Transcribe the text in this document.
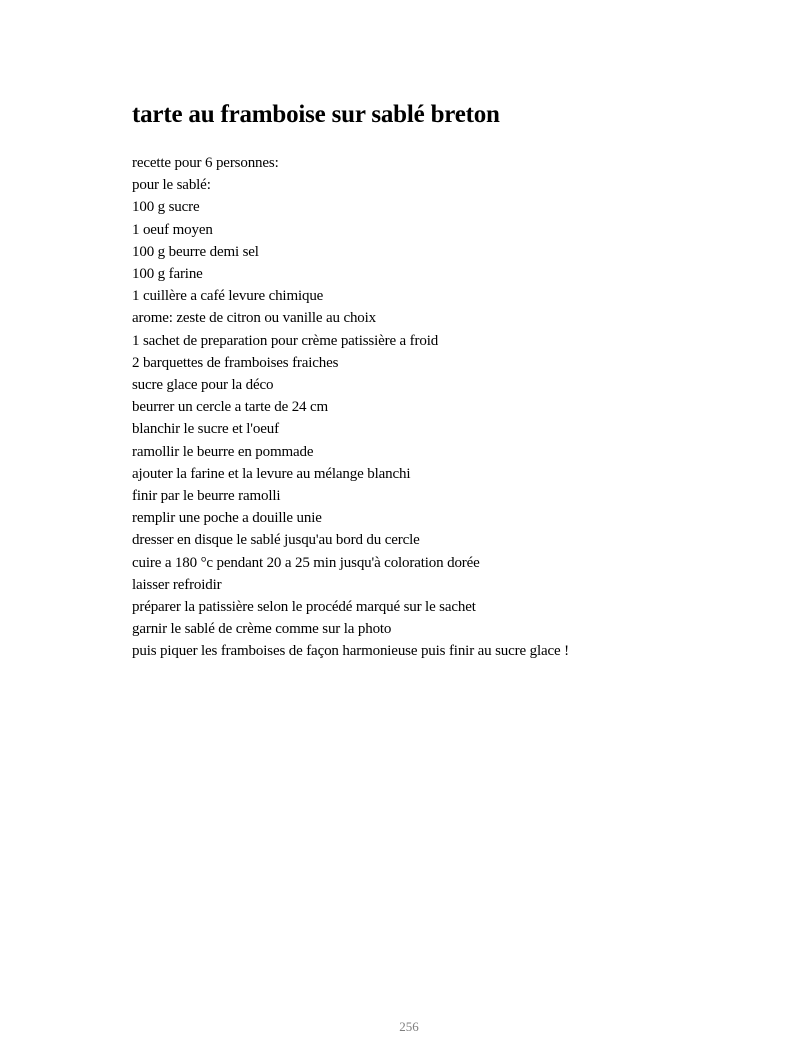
tarte au framboise sur sablé breton
recette pour 6 personnes:
pour le sablé:
100 g sucre
1 oeuf moyen
100 g beurre demi sel
100 g farine
1 cuillère a café levure chimique
arome: zeste de citron ou vanille au choix
1 sachet de preparation pour crème patissière a froid
2 barquettes de framboises fraiches
sucre glace pour la déco
beurrer un cercle a tarte de 24 cm
blanchir le sucre et l'oeuf
ramollir le beurre en pommade
ajouter la farine et la levure au mélange blanchi
finir par le beurre ramolli
remplir une poche a douille unie
dresser en disque le sablé jusqu'au bord du cercle
cuire a 180 °c pendant 20 a 25 min jusqu'à coloration dorée
laisser refroidir
préparer la patissière selon le procédé marqué sur le sachet
garnir le sablé de crème comme sur la photo
puis piquer les framboises de façon harmonieuse puis finir au sucre glace !
256
